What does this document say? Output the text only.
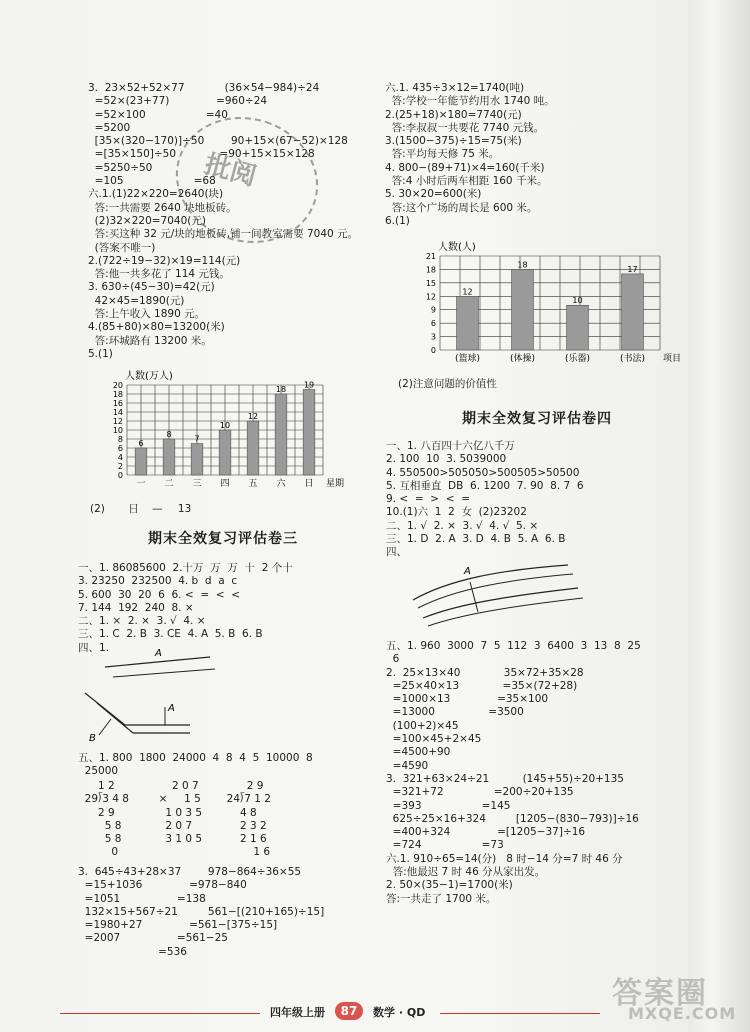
3.  23×52+52×77            (36×54−984)÷24
=52×(23+77)              =960÷24
=52×100                  =40
=5200
[35×(320−170)]÷50        90+15×(67−52)×128
=[35×150]÷50             =90+15×15×128
=5250÷50
=105                     =68
六.1.(1)22×220=2640(块)
答:一共需要 2640 块地板砖。
(2)32×220=7040(元)
答:买这种 32 元/块的地板砖,铺一间教室需要 7040 元。
(答案不唯一)
2.(722÷19−32)×19=114(元)
答:他一共多花了 114 元钱。
3. 630÷(45−30)=42(元)
42×45=1890(元)
答:上午收入 1890 元。
4.(85+80)×80=13200(米)
答:环城路有 13200 米。
5.(1)
人数(万人)
0
2
4
6
8
10
12
14
16
18
20
6
一
8
二
7
三
10
四
12
五
18
六
19
日 星期
(2) 日 — 13
期末全效复习评估卷三
一、1. 86085600  2.十万  万  万  十  2 个十
3. 23250  232500  4. b  d  a  c
5. 600  30  20  6  6. <  =  <  <
7. 144  192  240  8. ×
二、1. ×  2. ×  3. √  4. ×
三、1. C  2. B  3. CE  4. A  5. B  6. B
四、1.	A
B
A
五、1. 800  1800  24000  4  8  4  5  10000  8
25000
1 2
29⟌3 4 8
2 9
5 8
5 8
0
2 0 7
×     1 5
1 0 3 5
2 0 7
3 1 0 5
2 9
24⟌7 1 2
4 8
2 3 2
2 1 6
1 6
3.  645÷43+28×37        978−864÷36×55
=15+1036              =978−840
=1051                 =138
132×15+567÷21         561−[(210+165)÷15]
=1980+27              =561−[375÷15]
=2007                 =561−25
=536
六.1. 435÷3×12=1740(吨)
答:学校一年能节约用水 1740 吨。
2.(25+18)×180=7740(元)
答:李叔叔一共要花 7740 元钱。
3.(1500−375)÷15=75(米)
答:平均每天修 75 米。
4. 800−(89+71)×4=160(千米)
答:4 小时后两车相距 160 千米。
5. 30×20=600(米)
答:这个广场的周长是 600 米。
6.(1)
人数(人)
0
3
6
9
12
15
18
21
12
(篮球)
18
(体操)
10
(乐器)
17
(书法) 项目
(2)注意问题的价值性
期末全效复习评估卷四
一、1. 八百四十六亿八千万
2. 100  10  3. 5039000
4. 550500>505050>500505>50500
5. 互相垂直  DB  6. 1200  7. 90  8. 7  6
9. <  =  >  <  =
10.(1)六  1  2  女  (2)23202
二、1. √  2. ×  3. √  4. √  5. ×
三、1. D  2. A  3. D  4. B  5. A  6. B
四、
A
五、1. 960  3000  7  5  112  3  6400  3  13  8  25
6
2.  25×13×40             35×72+35×28
=25×40×13             =35×(72+28)
=1000×13              =35×100
=13000                =3500
(100+2)×45
=100×45+2×45
=4500+90
=4590
3.  321+63×24÷21          (145+55)÷20+135
=321+72               =200÷20+135
=393                  =145
625÷25×16+324         [1205−(830−793)]÷16
=400+324              =[1205−37]÷16
=724                  =73
六.1. 910÷65=14(分)   8 时−14 分=7 时 46 分
答:他最迟 7 时 46 分从家出发。
2. 50×(35−1)=1700(米)
答:一共走了 1700 米。
批阅
四年级上册	87	数学 · QD
答案圈
MXQE.COM
